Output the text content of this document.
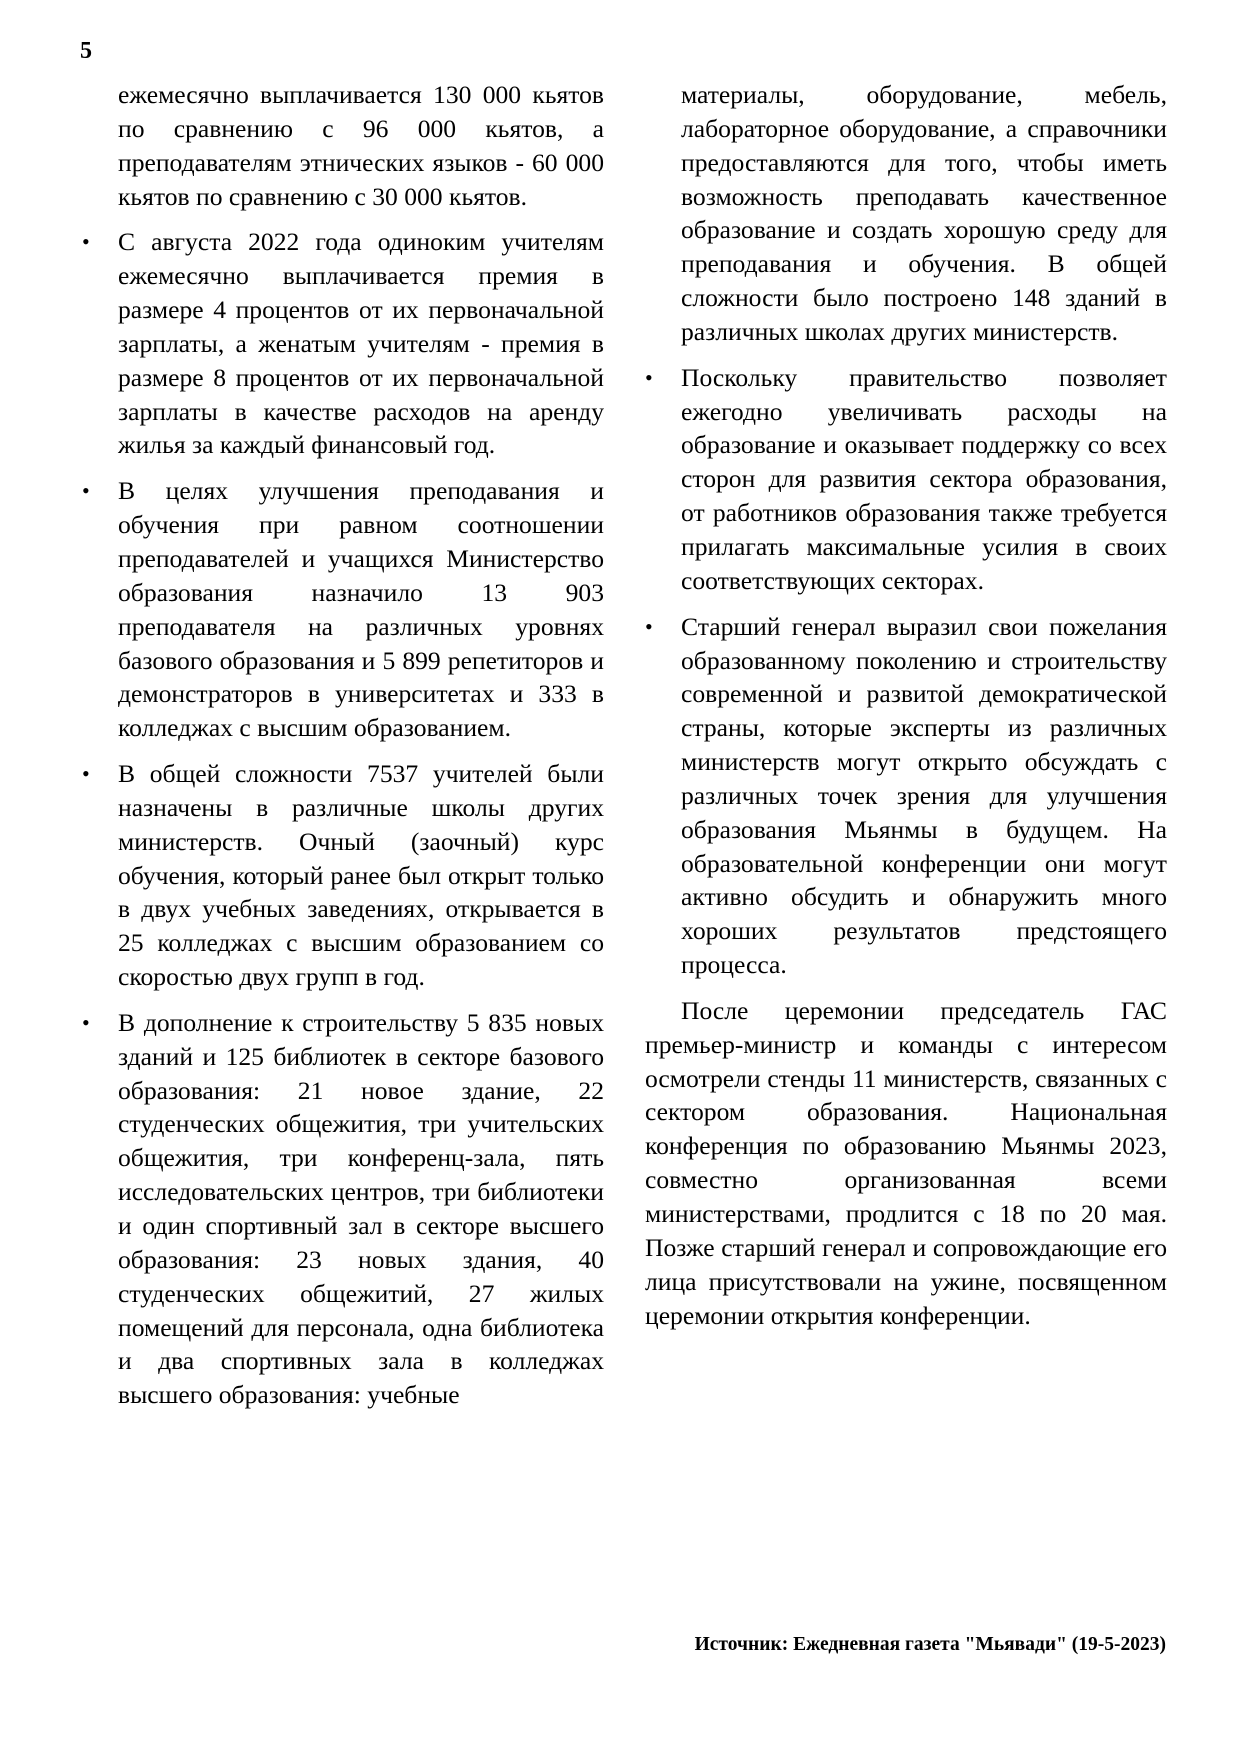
5

ежемесячно выплачивается 130 000 кьятов по сравнению с 96 000 кьятов, а преподавателям этнических языков - 60 000 кьятов по сравнению с 30 000 кьятов.

•	С августа 2022 года одиноким учителям ежемесячно выплачивается премия в размере 4 процентов от их первоначальной зарплаты, а женатым учителям - премия в размере 8 процентов от их первоначальной зарплаты в качестве расходов на аренду жилья за каждый финансовый год.
•	В целях улучшения преподавания и обучения при равном соотношении преподавателей и учащихся Министерство образования назначило 13 903 преподавателя на различных уровнях базового образования и 5 899 репетиторов и демонстраторов в университетах и 333 в колледжах с высшим образованием.
•	В общей сложности 7537 учителей были назначены в различные школы других министерств. Очный (заочный) курс обучения, который ранее был открыт только в двух учебных заведениях, открывается в 25 колледжах с высшим образованием со скоростью двух групп в год.
•	В дополнение к строительству 5 835 новых зданий и 125 библиотек в секторе базового образования: 21 новое здание, 22 студенческих общежития, три учительских общежития, три конференц-зала, пять исследовательских центров, три библиотеки и один спортивный зал в секторе высшего образования: 23 новых здания, 40 студенческих общежитий, 27 жилых помещений для персонала, одна библиотека и два спортивных зала в колледжах высшего образования: учебные

материалы, оборудование, мебель, лабораторное оборудование, а справочники предоставляются для того, чтобы иметь возможность преподавать качественное образование и создать хорошую среду для преподавания и обучения. В общей сложности было построено 148 зданий в различных школах других министерств.

•	Поскольку правительство позволяет ежегодно увеличивать расходы на образование и оказывает поддержку со всех сторон для развития сектора образования, от работников образования также требуется прилагать максимальные усилия в своих соответствующих секторах.
•	Старший генерал выразил свои пожелания образованному поколению и строительству современной и развитой демократической страны, которые эксперты из различных министерств могут открыто обсуждать с различных точек зрения для улучшения образования Мьянмы в будущем. На образовательной конференции они могут активно обсудить и обнаружить много хороших результатов предстоящего процесса.

После церемонии председатель ГАС премьер-министр и команды с интересом осмотрели стенды 11 министерств, связанных с сектором образования. Национальная конференция по образованию Мьянмы 2023, совместно организованная всеми министерствами, продлится с 18 по 20 мая. Позже старший генерал и сопровождающие его лица присутствовали на ужине, посвященном церемонии открытия конференции.

Источник: Ежедневная газета "Мьявади" (19-5-2023)
